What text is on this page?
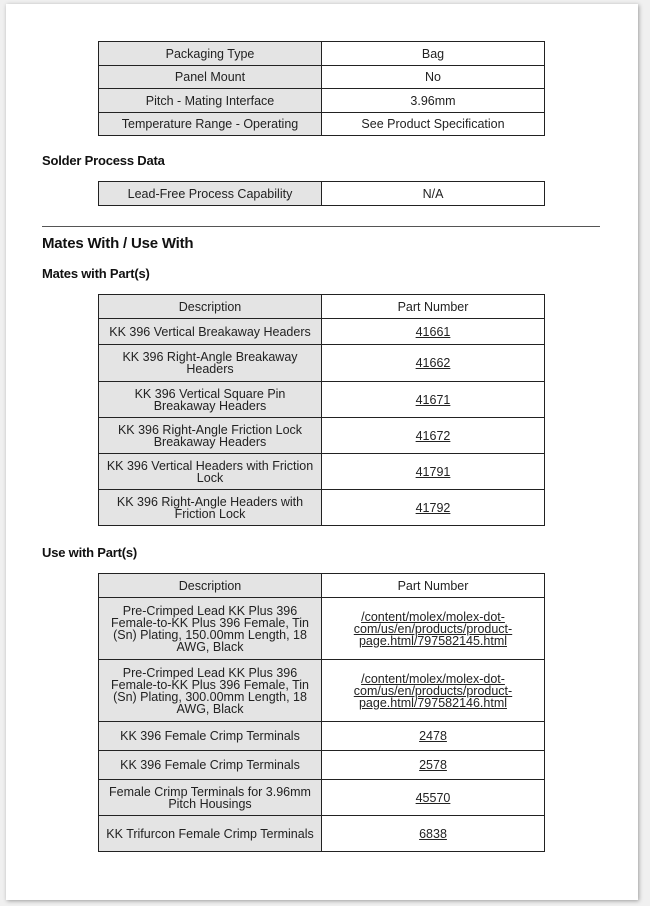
Packaging Type	Bag
Panel Mount	No
Pitch - Mating Interface	3.96mm
Temperature Range - Operating	See Product Specification
Solder Process Data
Lead-Free Process Capability	N/A
Mates With / Use With
Mates with Part(s)
Description	Part Number
KK 396 Vertical Breakaway Headers	41661
KK 396 Right-Angle Breakaway Headers	41662
KK 396 Vertical Square Pin Breakaway Headers	41671
KK 396 Right-Angle Friction Lock Breakaway Headers	41672
KK 396 Vertical Headers with Friction Lock	41791
KK 396 Right-Angle Headers with Friction Lock	41792
Use with Part(s)
Description	Part Number
Pre-Crimped Lead KK Plus 396 Female-to-KK Plus 396 Female, Tin (Sn) Plating, 150.00mm Length, 18 AWG, Black	/content/molex/molex-dot-com/us/en/products/product-page.html/797582145.html
Pre-Crimped Lead KK Plus 396 Female-to-KK Plus 396 Female, Tin (Sn) Plating, 300.00mm Length, 18 AWG, Black	/content/molex/molex-dot-com/us/en/products/product-page.html/797582146.html
KK 396 Female Crimp Terminals	2478
KK 396 Female Crimp Terminals	2578
Female Crimp Terminals for 3.96mm Pitch Housings	45570
KK Trifurcon Female Crimp Terminals	6838
